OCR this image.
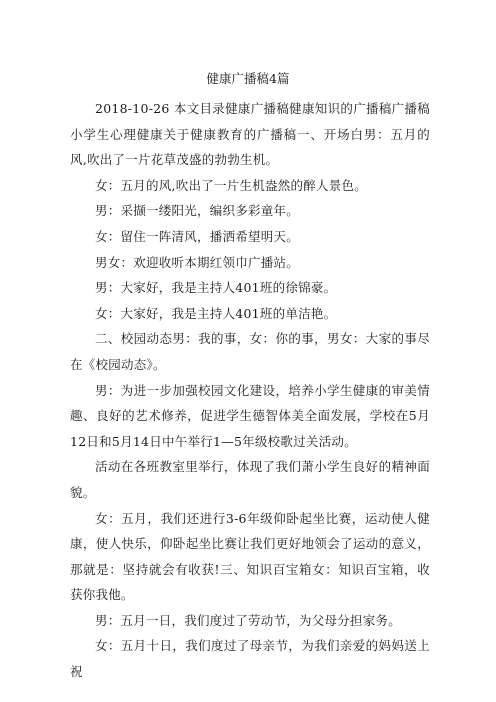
健康广播稿4篇

2018-10-26 本文目录健康广播稿健康知识的广播稿广播稿小学生心理健康关于健康教育的广播稿一、开场白男：五月的风,吹出了一片花草茂盛的勃勃生机。

女：五月的风,吹出了一片生机盎然的醉人景色。

男：采撷一缕阳光，编织多彩童年。

女：留住一阵清风，播洒希望明天。

男女：欢迎收听本期红领巾广播站。

男：大家好，我是主持人401班的徐锦豪。

女：大家好，我是主持人401班的单洁艳。

二、校园动态男：我的事，女：你的事，男女：大家的事尽在《校园动态》。

男：为进一步加强校园文化建设，培养小学生健康的审美情趣、良好的艺术修养，促进学生德智体美全面发展，学校在5月12日和5月14日中午举行1—5年级校歌过关活动。

活动在各班教室里举行，体现了我们萧小学生良好的精神面貌。

女：五月，我们还进行3-6年级仰卧起坐比赛，运动使人健康，使人快乐，仰卧起坐比赛让我们更好地领会了运动的意义，那就是：坚持就会有收获!三、知识百宝箱女：知识百宝箱，收获你我他。

男：五月一日，我们度过了劳动节，为父母分担家务。

女：五月十日，我们度过了母亲节，为我们亲爱的妈妈送上祝
